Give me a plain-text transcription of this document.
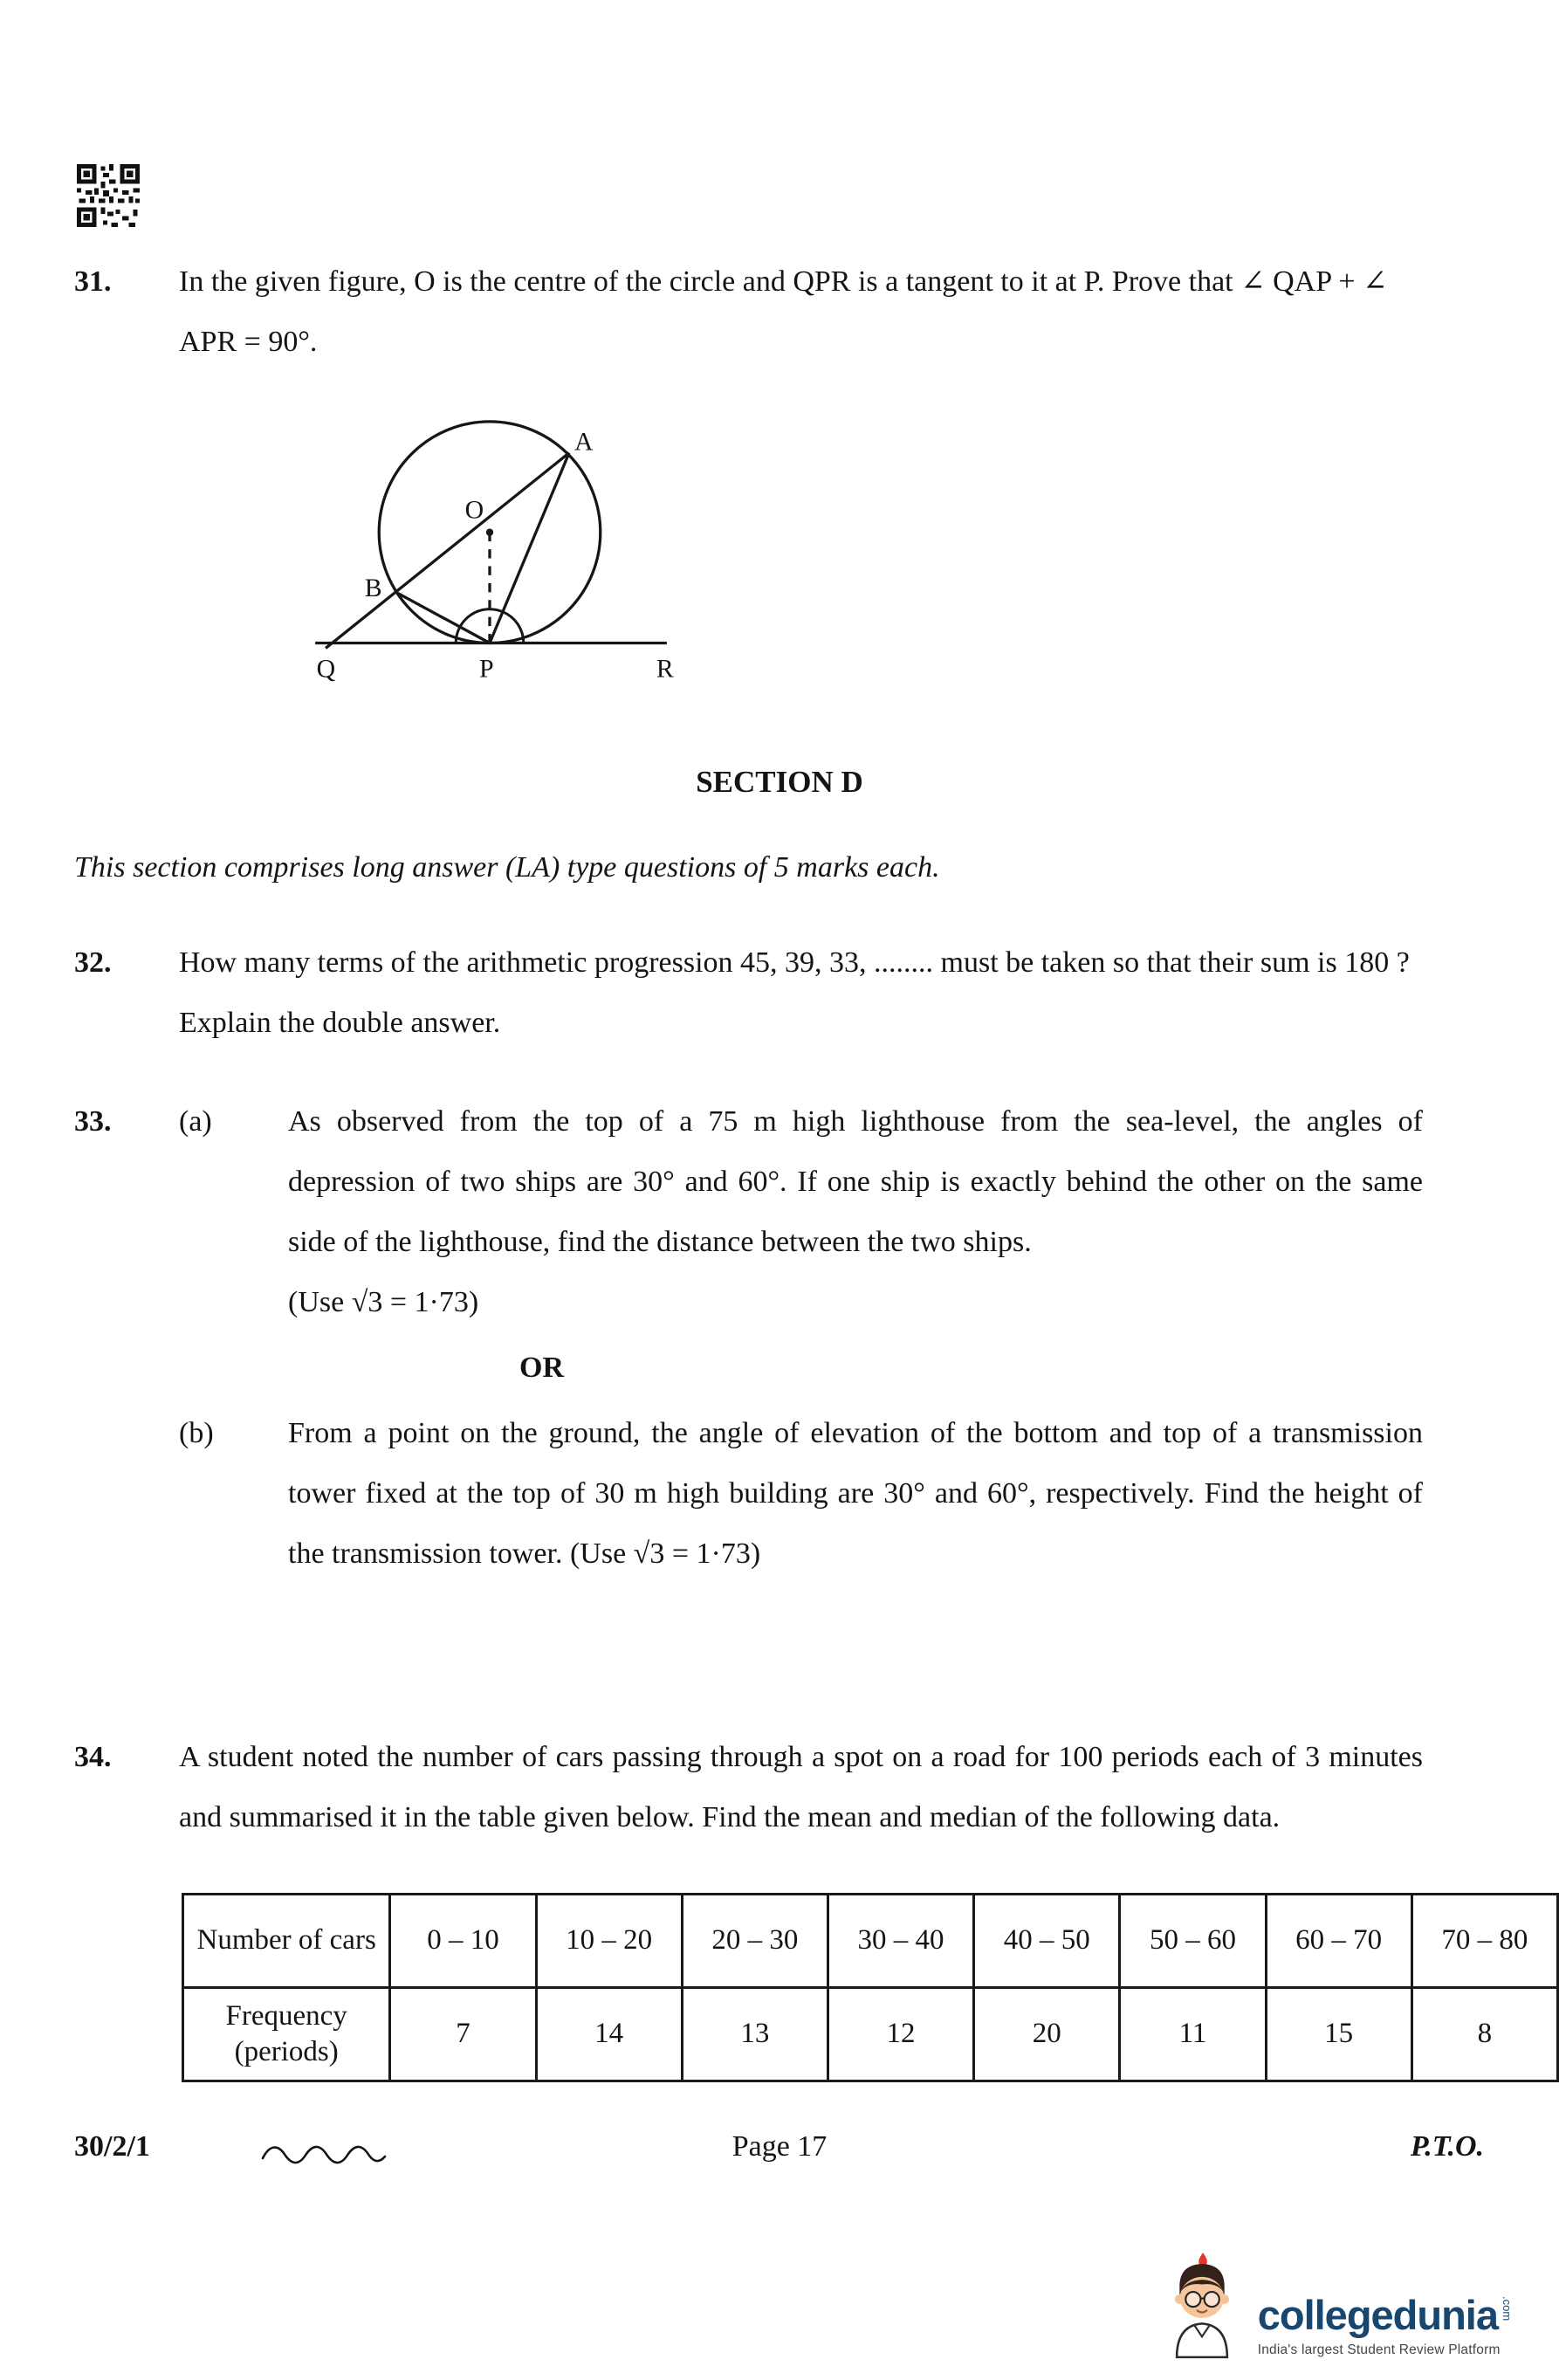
31.	In the given figure, O is the centre of the circle and QPR is a tangent to it at P. Prove that ∠ QAP + ∠ APR = 90°.
A
O
B
Q	P	R
SECTION D
This section comprises long answer (LA) type questions of 5 marks each.
32.	How many terms of the arithmetic progression 45, 39, 33, ........ must be taken so that their sum is 180 ? Explain the double answer.
33.	(a)	As observed from the top of a 75 m high lighthouse from the sea-level, the angles of depression of two ships are 30° and 60°. If one ship is exactly behind the other on the same side of the lighthouse, find the distance between the two ships.
(Use √3 = 1·73)
OR
(b)	From a point on the ground, the angle of elevation of the bottom and top of a transmission tower fixed at the top of 30 m high building are 30° and 60°, respectively. Find the height of the transmission tower. (Use √3 = 1·73)
34.	A student noted the number of cars passing through a spot on a road for 100 periods each of 3 minutes and summarised it in the table given below. Find the mean and median of the following data.
Number of cars	0 – 10	10 – 20	20 – 30	30 – 40	40 – 50	50 – 60	60 – 70	70 – 80
Frequency (periods)	7	14	13	12	20	11	15	8
Page 17
30/2/1	P.T.O.
collegedunia .com
India's largest Student Review Platform
